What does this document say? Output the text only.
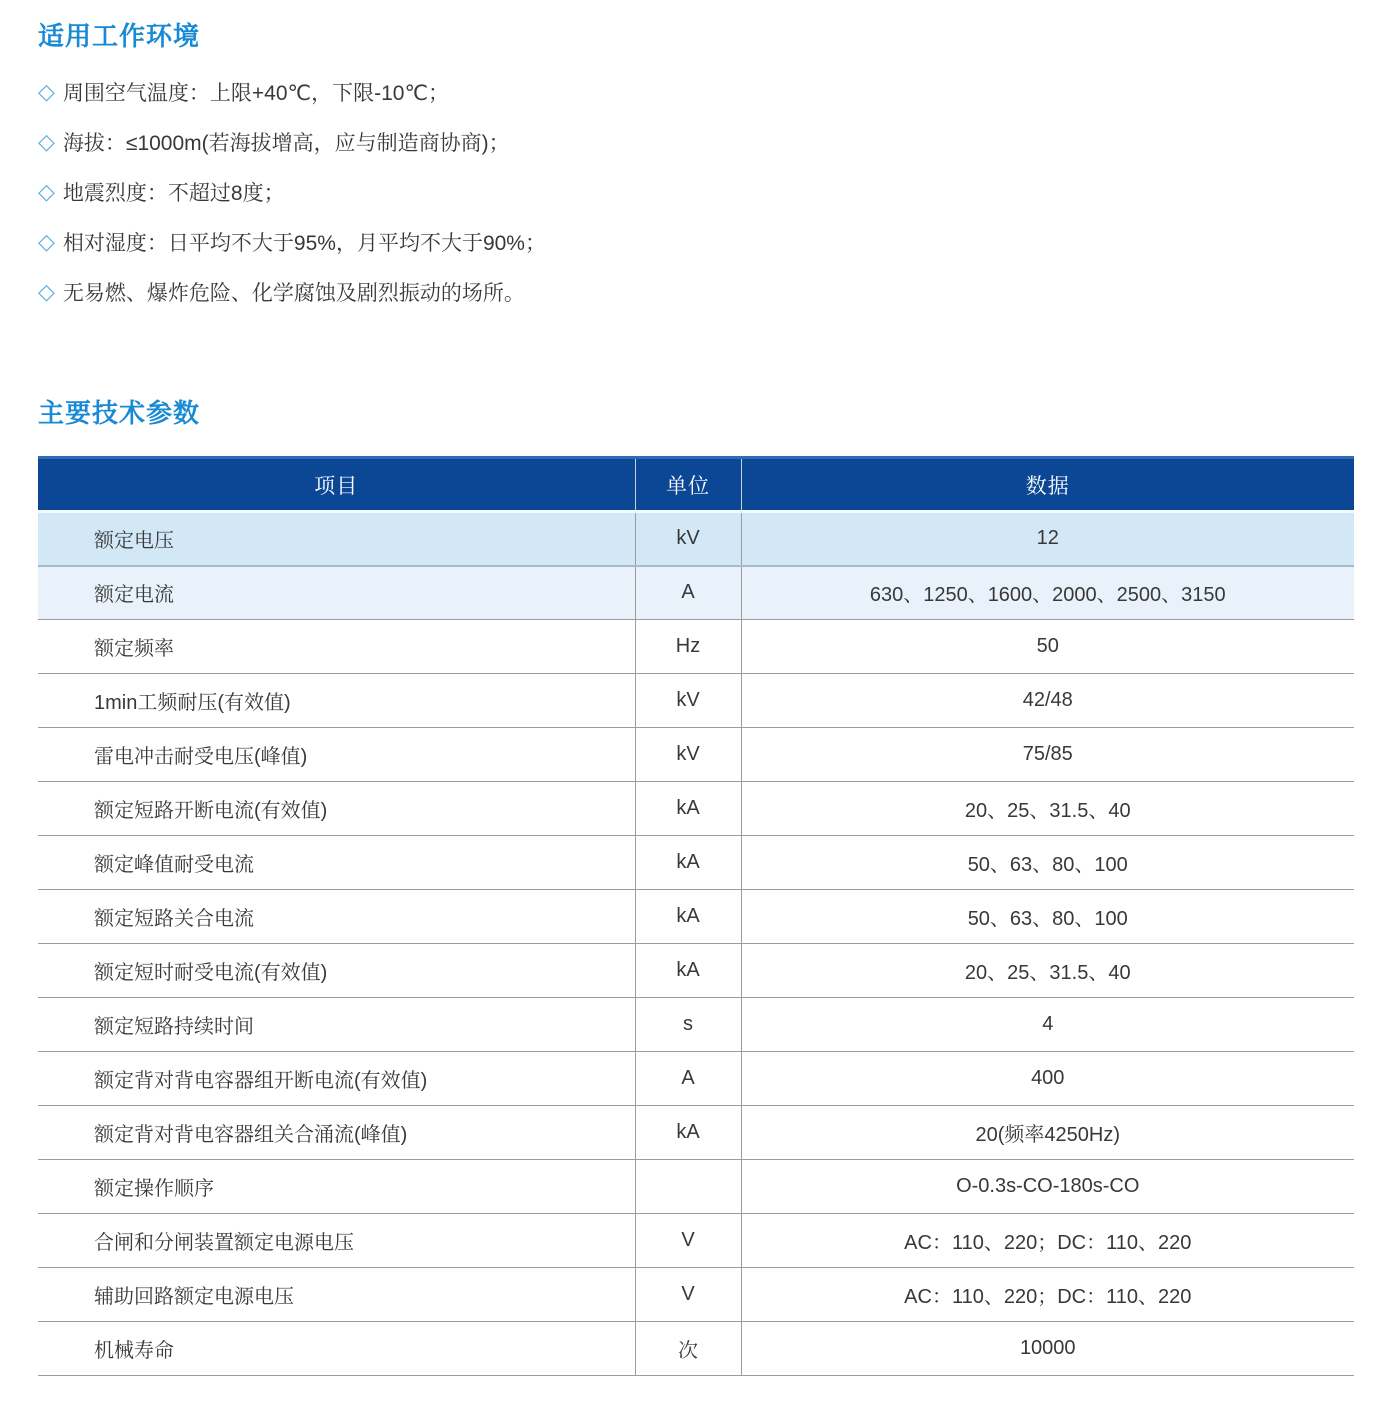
适用工作环境
◇ 周围空气温度：上限+40℃，下限-10℃；
◇ 海拔：≤1000m(若海拔增高，应与制造商协商)；
◇ 地震烈度：不超过8度；
◇ 相对湿度：日平均不大于95%，月平均不大于90%；
◇ 无易燃、爆炸危险、化学腐蚀及剧烈振动的场所。
主要技术参数
项目	单位	数据
额定电压	kV	12
额定电流	A	630、1250、1600、2000、2500、3150
额定频率	Hz	50
1min工频耐压(有效值)	kV	42/48
雷电冲击耐受电压(峰值)	kV	75/85
额定短路开断电流(有效值)	kA	20、25、31.5、40
额定峰值耐受电流	kA	50、63、80、100
额定短路关合电流	kA	50、63、80、100
额定短时耐受电流(有效值)	kA	20、25、31.5、40
额定短路持续时间	s	4
额定背对背电容器组开断电流(有效值)	A	400
额定背对背电容器组关合涌流(峰值)	kA	20(频率4250Hz)
额定操作顺序		O-0.3s-CO-180s-CO
合闸和分闸装置额定电源电压	V	AC：110、220；DC：110、220
辅助回路额定电源电压	V	AC：110、220；DC：110、220
机械寿命	次	10000
